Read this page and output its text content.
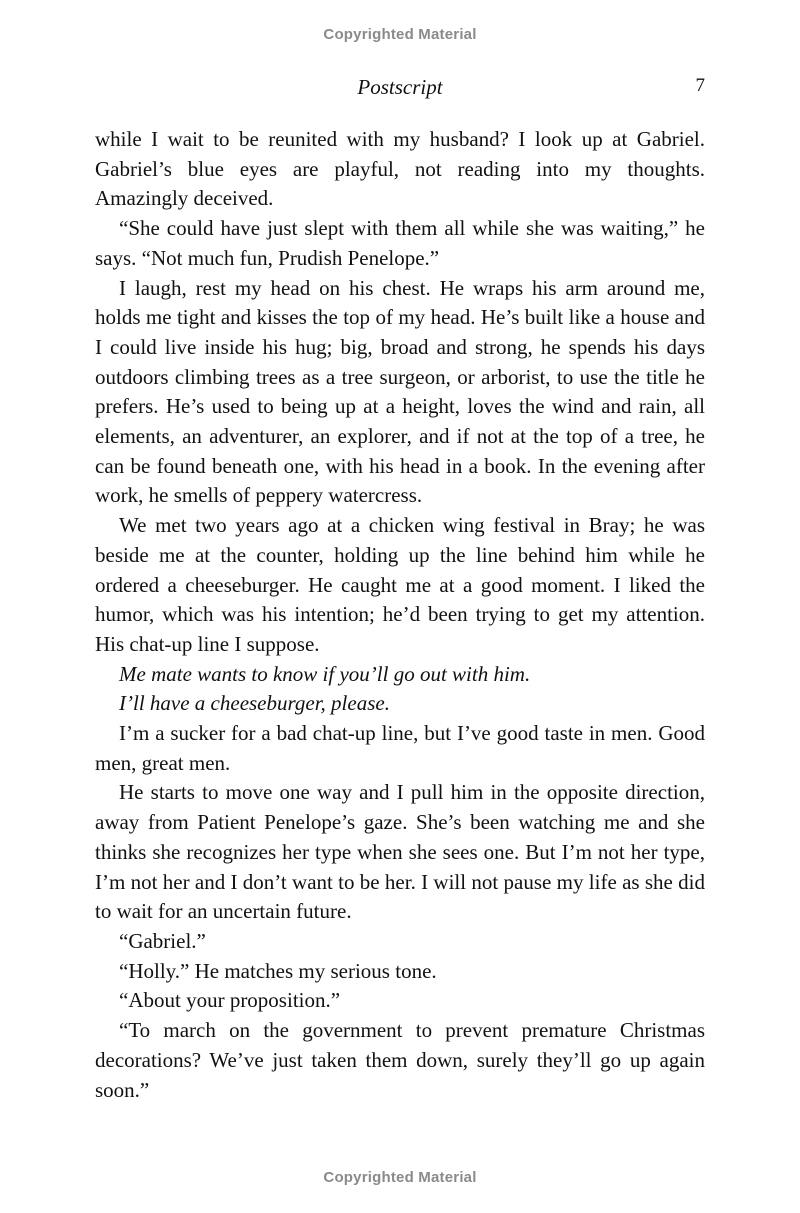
Copyrighted Material
Postscript	7

while I wait to be reunited with my husband? I look up at Gabriel. Gabriel’s blue eyes are playful, not reading into my thoughts. Amazingly deceived.

“She could have just slept with them all while she was waiting,” he says. “Not much fun, Prudish Penelope.”

I laugh, rest my head on his chest. He wraps his arm around me, holds me tight and kisses the top of my head. He’s built like a house and I could live inside his hug; big, broad and strong, he spends his days outdoors climbing trees as a tree surgeon, or arborist, to use the title he prefers. He’s used to being up at a height, loves the wind and rain, all elements, an adventurer, an explorer, and if not at the top of a tree, he can be found beneath one, with his head in a book. In the evening after work, he smells of peppery watercress.

We met two years ago at a chicken wing festival in Bray; he was beside me at the counter, holding up the line behind him while he ordered a cheeseburger. He caught me at a good moment. I liked the humor, which was his intention; he’d been trying to get my attention. His chat-up line I suppose.

Me mate wants to know if you’ll go out with him.

I’ll have a cheeseburger, please.

I’m a sucker for a bad chat-up line, but I’ve good taste in men. Good men, great men.

He starts to move one way and I pull him in the opposite direction, away from Patient Penelope’s gaze. She’s been watching me and she thinks she recognizes her type when she sees one. But I’m not her type, I’m not her and I don’t want to be her. I will not pause my life as she did to wait for an uncertain future.

“Gabriel.”

“Holly.” He matches my serious tone.

“About your proposition.”

“To march on the government to prevent premature Christmas decorations? We’ve just taken them down, surely they’ll go up again soon.”

Copyrighted Material
